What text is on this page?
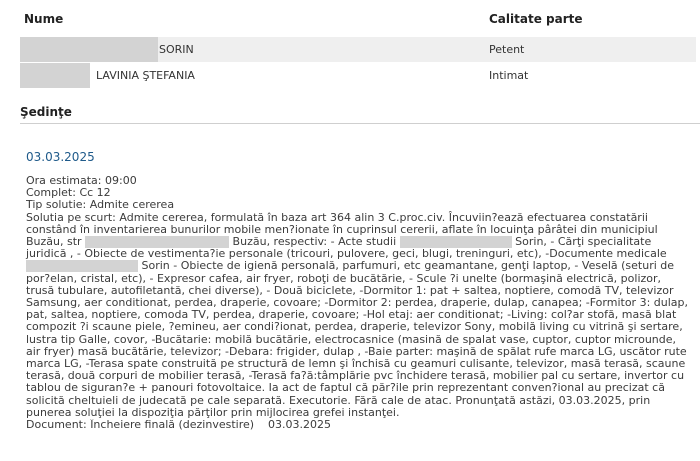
Nume	Calitate parte
SORIN	Petent
LAVINIA ŞTEFANIA	Intimat
Şedinţe
03.03.2025
Ora estimata: 09:00
Complet: Cc 12
Tip solutie: Admite cererea
Solutia pe scurt: Admite cererea, formulată în baza art 364 alin 3 C.proc.civ. Încuviin?ează efectuarea constatării constând în inventarierea bunurilor mobile men?ionate în cuprinsul cererii, aflate în locuinţa pârâtei din municipiul Buzău, str	Buzău, respectiv: - Acte studii	Sorin, - Cărţi specialitate juridică , - Obiecte de vestimenta?ie personale (tricouri, pulovere, geci, blugi, treninguri, etc), -Documente medicale  Sorin - Obiecte de igienă personală, parfumuri, etc geamantane, genţi laptop, - Veselă (seturi de por?elan, cristal, etc), - Expresor cafea, air fryer, roboţi de bucătărie, - Scule ?i unelte (bormaşină electrică, polizor, trusă tubulare, autofiletantă, chei diverse), - Două biciclete, -Dormitor 1: pat + saltea, noptiere, comodă TV, televizor Samsung, aer conditionat, perdea, draperie, covoare; -Dormitor 2: perdea, draperie, dulap, canapea; -Formitor 3: dulap, pat, saltea, noptiere, comoda TV, perdea, draperie, covoare; -Hol etaj: aer conditionat; -Living: col?ar stofă, masă blat compozit ?i scaune piele, ?emineu, aer condi?ionat, perdea, draperie, televizor Sony, mobilă living cu vitrină şi sertare, lustra tip Galle, covor, -Bucătarie: mobilă bucătărie, electrocasnice (masină de spalat vase, cuptor, cuptor microunde, air fryer) masă bucătărie, televizor; -Debara: frigider, dulap , -Baie parter: maşină de spălat rufe marca LG, uscător rute marca LG, -Terasa spate construită pe structură de lemn şi închisă cu geamuri culisante, televizor, masă terasă, scaune terasă, două corpuri de mobilier terasă, -Terasă fa?ă:tâmplărie pvc închidere terasă, mobilier pal cu sertare, invertor cu tablou de siguran?e + panouri fotovoltaice. Ia act de faptul că păr?ile prin reprezentant conven?ional au precizat că solicită cheltuieli de judecată pe cale separată. Executorie. Fără cale de atac. Pronunţată astăzi, 03.03.2025, prin punerea soluţiei la dispoziţia părţilor prin mijlocirea grefei instanţei.
Document: Încheiere finală (dezinvestire)    03.03.2025
